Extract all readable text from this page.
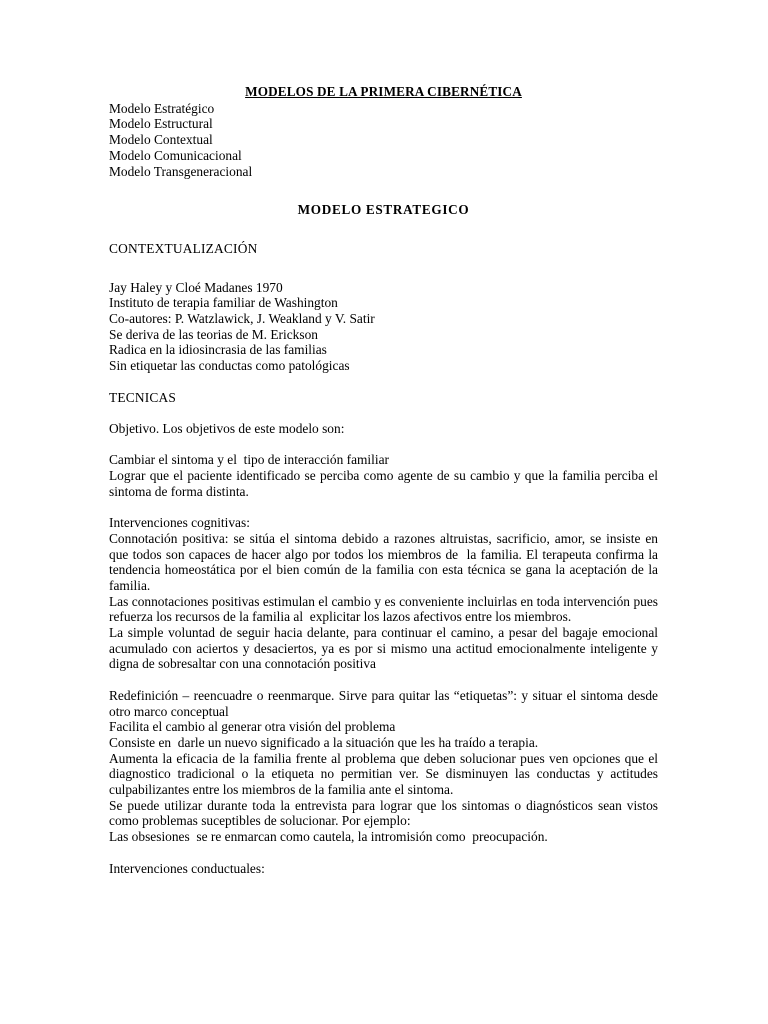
MODELOS DE LA PRIMERA CIBERNÉTICA
Modelo Estratégico
Modelo Estructural
Modelo Contextual
Modelo Comunicacional
Modelo Transgeneracional
MODELO ESTRATEGICO
CONTEXTUALIZACIÓN
Jay Haley y Cloé Madanes 1970
Instituto de terapia familiar de Washington
Co-autores: P. Watzlawick, J. Weakland y V. Satir
Se deriva de las teorias de M. Erickson
Radica en la idiosincrasia de las familias
Sin etiquetar las conductas como patológicas
TECNICAS
Objetivo. Los objetivos de este modelo son:
Cambiar el sintoma y el  tipo de interacción familiar
Lograr que el paciente identificado se perciba como agente de su cambio y que la familia perciba el sintoma de forma distinta.
Intervenciones cognitivas:
Connotación positiva: se sitúa el sintoma debido a razones altruistas, sacrificio, amor, se insiste en que todos son capaces de hacer algo por todos los miembros de  la familia. El terapeuta confirma la tendencia homeostática por el bien común de la familia con esta técnica se gana la aceptación de la familia.
Las connotaciones positivas estimulan el cambio y es conveniente incluirlas en toda intervención pues refuerza los recursos de la familia al  explicitar los lazos afectivos entre los miembros.
La simple voluntad de seguir hacia delante, para continuar el camino, a pesar del bagaje emocional acumulado con aciertos y desaciertos, ya es por si mismo una actitud emocionalmente inteligente y digna de sobresaltar con una connotación positiva
Redefinición – reencuadre o reenmarque. Sirve para quitar las “etiquetas”: y situar el sintoma desde otro marco conceptual
Facilita el cambio al generar otra visión del problema
Consiste en  darle un nuevo significado a la situación que les ha traído a terapia.
Aumenta la eficacia de la familia frente al problema que deben solucionar pues ven opciones que el diagnostico tradicional o la etiqueta no permitian ver. Se disminuyen las conductas y actitudes culpabilizantes entre los miembros de la familia ante el sintoma.
Se puede utilizar durante toda la entrevista para lograr que los sintomas o diagnósticos sean vistos como problemas suceptibles de solucionar. Por ejemplo:
Las obsesiones  se re enmarcan como cautela, la intromisión como  preocupación.
Intervenciones conductuales:
